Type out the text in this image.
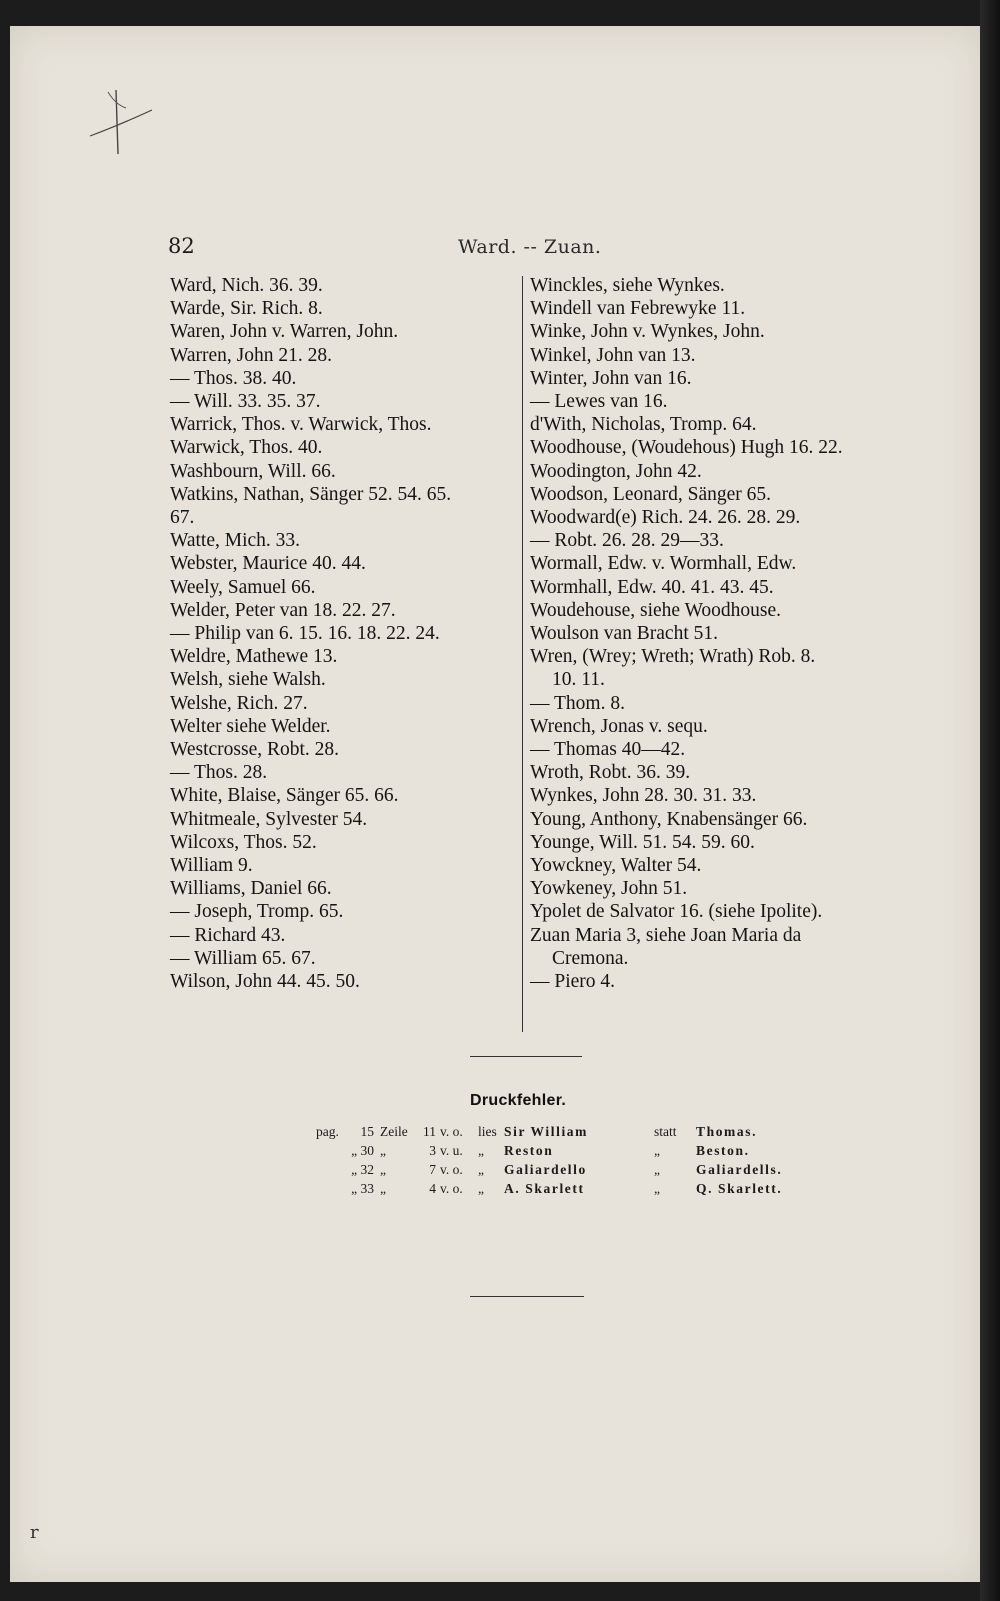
82	Ward. -- Zuan.
Ward, Nich. 36. 39.
Warde, Sir. Rich. 8.
Waren, John v. Warren, John.
Warren, John 21. 28.
— Thos. 38. 40.
— Will. 33. 35. 37.
Warrick, Thos. v. Warwick, Thos.
Warwick, Thos. 40.
Washbourn, Will. 66.
Watkins, Nathan, Sänger 52. 54. 65.
67.
Watte, Mich. 33.
Webster, Maurice 40. 44.
Weely, Samuel 66.
Welder, Peter van 18. 22. 27.
— Philip van 6. 15. 16. 18. 22. 24.
Weldre, Mathewe 13.
Welsh, siehe Walsh.
Welshe, Rich. 27.
Welter siehe Welder.
Westcrosse, Robt. 28.
— Thos. 28.
White, Blaise, Sänger 65. 66.
Whitmeale, Sylvester 54.
Wilcoxs, Thos. 52.
William 9.
Williams, Daniel 66.
— Joseph, Tromp. 65.
— Richard 43.
— William 65. 67.
Wilson, John 44. 45. 50.
Winckles, siehe Wynkes.
Windell van Febrewyke 11.
Winke, John v. Wynkes, John.
Winkel, John van 13.
Winter, John van 16.
— Lewes van 16.
d'With, Nicholas, Tromp. 64.
Woodhouse, (Woudehous) Hugh 16. 22.
Woodington, John 42.
Woodson, Leonard, Sänger 65.
Woodward(e) Rich. 24. 26. 28. 29.
— Robt. 26. 28. 29—33.
Wormall, Edw. v. Wormhall, Edw.
Wormhall, Edw. 40. 41. 43. 45.
Woudehouse, siehe Woodhouse.
Woulson van Bracht 51.
Wren, (Wrey; Wreth; Wrath) Rob. 8.
10. 11.
— Thom. 8.
Wrench, Jonas v. sequ.
— Thomas 40—42.
Wroth, Robt. 36. 39.
Wynkes, John 28. 30. 31. 33.
Young, Anthony, Knabensänger 66.
Younge, Will. 51. 54. 59. 60.
Yowckney, Walter 54.
Yowkeney, John 51.
Ypolet de Salvator 16. (siehe Ipolite).
Zuan Maria 3, siehe Joan Maria da
Cremona.
— Piero 4.
Druckfehler.
pag.	15 Zeile	11 v. o.	lies Sir William	statt	Thomas.
„ 30 „	3 v. u.	„	Reston	„	Beston.
„ 32 „	7 v. o.	„	Galiardello	„	Galiardells.
„ 33 „	4 v. o.	„	A. Skarlett	„	Q. Skarlett.
r
